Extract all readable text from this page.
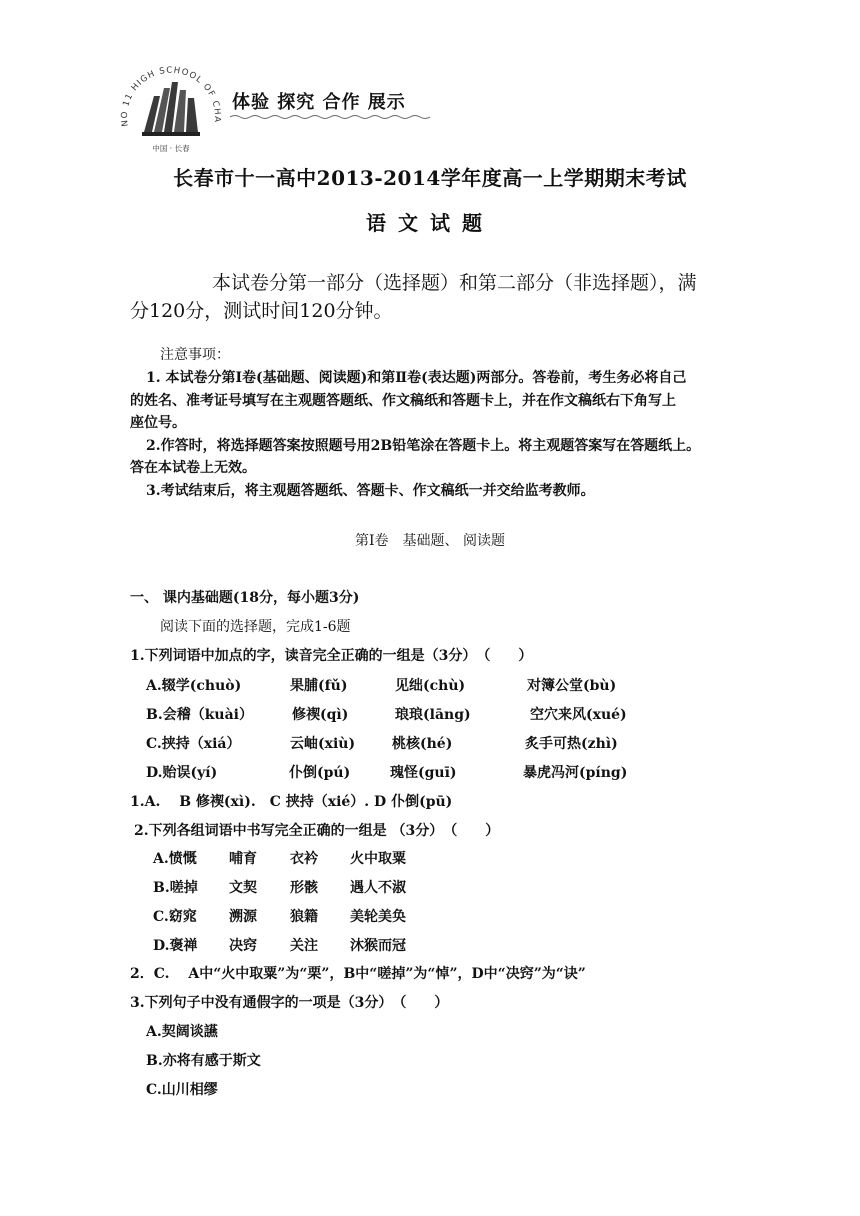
NO 11 HIGH SCHOOL OF CHA
中国 · 长春
体验 探究 合作 展示
长春市十一高中2013-2014学年度高一上学期期末考试
语文试题
本试卷分第一部分（选择题）和第二部分（非选择题），满
分120分，测试时间120分钟。
注意事项：
1. 本试卷分第Ⅰ卷(基础题、阅读题)和第Ⅱ卷(表达题)两部分。答卷前，考生务必将自己
的姓名、准考证号填写在主观题答题纸、作文稿纸和答题卡上，并在作文稿纸右下角写上
座位号。
2.作答时，将选择题答案按照题号用2B铅笔涂在答题卡上。将主观题答案写在答题纸上。
答在本试卷上无效。
3.考试结束后，将主观题答题纸、答题卡、作文稿纸一并交给监考教师。
第Ⅰ卷　基础题、 阅读题
一、 课内基础题(18分，每小题3分)
阅读下面的选择题，完成1-6题
1.下列词语中加点的字，读音完全正确的一组是（3分）　（　　）
A.辍学(chuò)	果脯(fǔ)	见绌(chù)	对簿公堂(bù)
B.会稽（kuài）	修禊(qì)	琅琅(lāng)	空穴来风(xué)
C.挟持（xiá）	云岫(xiù)	桃核(hé)	炙手可热(zhì)
D.贻误(yí)	仆倒(pú)	瑰怪(guī)	暴虎冯河(píng)
1.A.　 B 修禊(xì).　C 挟持（xié）. D 仆倒(pū)
2.下列各组词语中书写完全正确的一组是 （3分）　（　　）
A.愤慨 哺育 衣衿 火中取粟
B.嗟掉 文契 形骸 遇人不淑
C.窈窕 溯源 狼籍 美轮美奂
D.褒禅 决窍 关注 沐猴而冠
2．C.　 A中“火中取粟”为“栗”，B中“嗟掉”为“悼”，D中“决窍”为“诀”
3.下列句子中没有通假字的一项是（3分）　（　　）
A.契阔谈讌
B.亦将有感于斯文
C.山川相缪
